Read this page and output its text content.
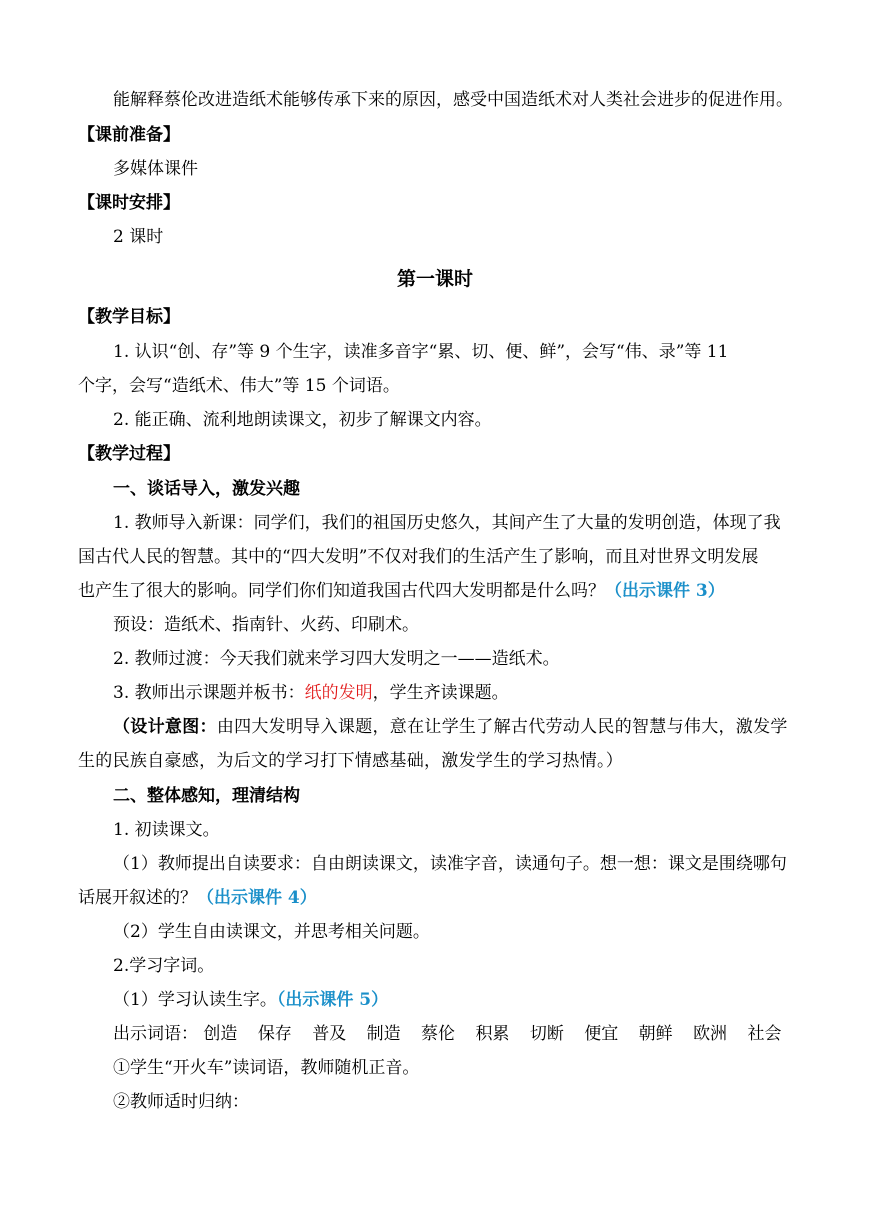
能解释蔡伦改进造纸术能够传承下来的原因，感受中国造纸术对人类社会进步的促进作用。
【课前准备】
多媒体课件
【课时安排】
2 课时
第一课时
【教学目标】
1. 认识“创、存”等 9 个生字，读准多音字“累、切、便、鲜”，会写“伟、录”等 11
个字，会写“造纸术、伟大”等 15 个词语。
2. 能正确、流利地朗读课文，初步了解课文内容。
【教学过程】
一、谈话导入，激发兴趣
1. 教师导入新课：同学们，我们的祖国历史悠久，其间产生了大量的发明创造，体现了我
国古代人民的智慧。其中的“四大发明”不仅对我们的生活产生了影响，而且对世界文明发展
也产生了很大的影响。同学们你们知道我国古代四大发明都是什么吗？（出示课件 3）
预设：造纸术、指南针、火药、印刷术。
2. 教师过渡：今天我们就来学习四大发明之一——造纸术。
3. 教师出示课题并板书：纸的发明，学生齐读课题。
（设计意图：由四大发明导入课题，意在让学生了解古代劳动人民的智慧与伟大，激发学
生的民族自豪感，为后文的学习打下情感基础，激发学生的学习热情。）
二、整体感知，理清结构
1. 初读课文。
（1）教师提出自读要求：自由朗读课文，读准字音，读通句子。想一想：课文是围绕哪句
话展开叙述的？（出示课件 4）
（2）学生自由读课文，并思考相关问题。
2.学习字词。
（1）学习认读生字。（出示课件 5）
出示词语： 创造 保存 普及 制造 蔡伦 积累 切断 便宜 朝鲜 欧洲 社会
①学生“开火车”读词语，教师随机正音。
②教师适时归纳：
